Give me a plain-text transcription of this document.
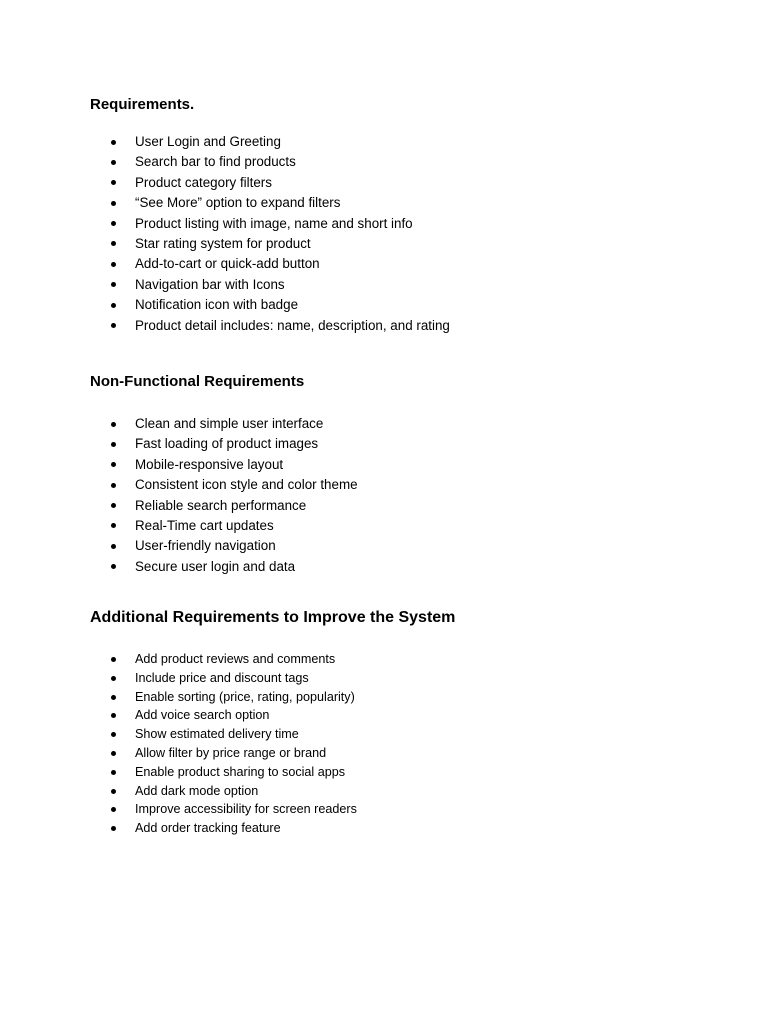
Requirements.
User Login and Greeting
Search bar to find products
Product category filters
“See More” option to expand filters
Product listing with image, name and short info
Star rating system for product
Add-to-cart or quick-add button
Navigation bar with Icons
Notification icon with badge
Product detail includes: name, description, and rating
Non-Functional Requirements
Clean and simple user interface
Fast loading of product images
Mobile-responsive layout
Consistent icon style and color theme
Reliable search performance
Real-Time cart updates
User-friendly navigation
Secure user login and data
Additional Requirements to Improve the System
Add product reviews and comments
Include price and discount tags
Enable sorting (price, rating, popularity)
Add voice search option
Show estimated delivery time
Allow filter by price range or brand
Enable product sharing to social apps
Add dark mode option
Improve accessibility for screen readers
Add order tracking feature
